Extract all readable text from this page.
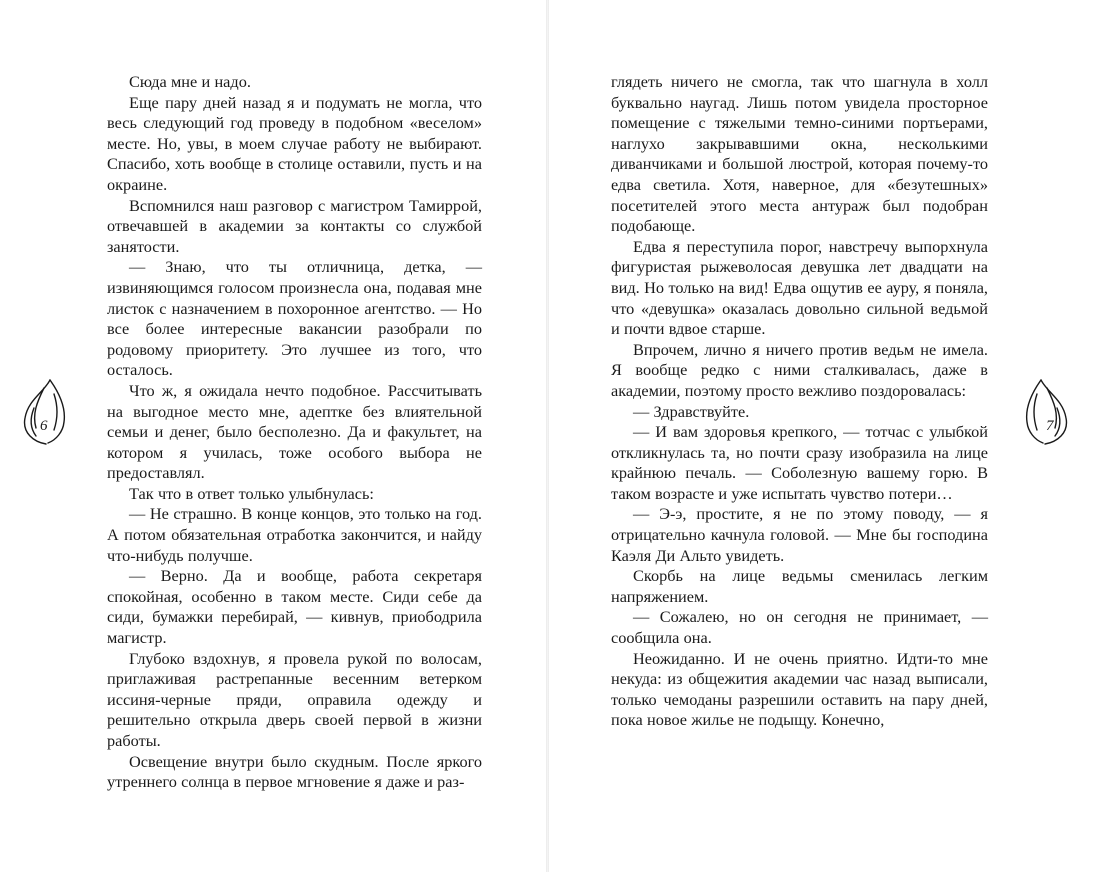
Сюда мне и надо.

Еще пару дней назад я и подумать не могла, что весь следующий год проведу в подобном «веселом» месте. Но, увы, в моем случае работу не выбирают. Спасибо, хоть вообще в столице оставили, пусть и на окраине.

Вспомнился наш разговор с магистром Тамиррой, отвечавшей в академии за контакты со службой занятости.

— Знаю, что ты отличница, детка, — извиняющимся голосом произнесла она, подавая мне листок с назначением в похоронное агентство. — Но все более интересные вакансии разобрали по родовому приоритету. Это лучшее из того, что осталось.

Что ж, я ожидала нечто подобное. Рассчитывать на выгодное место мне, адептке без влиятельной семьи и денег, было бесполезно. Да и факультет, на котором я училась, тоже особого выбора не предоставлял.

Так что в ответ только улыбнулась:

— Не страшно. В конце концов, это только на год. А потом обязательная отработка закончится, и найду что-нибудь получше.

— Верно. Да и вообще, работа секретаря спокойная, особенно в таком месте. Сиди себе да сиди, бумажки перебирай, — кивнув, приободрила магистр.

Глубоко вздохнув, я провела рукой по волосам, приглаживая растрепанные весенним ветерком иссиня-черные пряди, оправила одежду и решительно открыла дверь своей первой в жизни работы.

Освещение внутри было скудным. После яркого утреннего солнца в первое мгновение я даже и раз-

6

глядеть ничего не смогла, так что шагнула в холл буквально наугад. Лишь потом увидела просторное помещение с тяжелыми темно-синими портьерами, наглухо закрывавшими окна, несколькими диванчиками и большой люстрой, которая почему-то едва светила. Хотя, наверное, для «безутешных» посетителей этого места антураж был подобран подобающе.

Едва я переступила порог, навстречу выпорхнула фигуристая рыжеволосая девушка лет двадцати на вид. Но только на вид! Едва ощутив ее ауру, я поняла, что «девушка» оказалась довольно сильной ведьмой и почти вдвое старше.

Впрочем, лично я ничего против ведьм не имела. Я вообще редко с ними сталкивалась, даже в академии, поэтому просто вежливо поздоровалась:

— Здравствуйте.

— И вам здоровья крепкого, — тотчас с улыбкой откликнулась та, но почти сразу изобразила на лице крайнюю печаль. — Соболезную вашему горю. В таком возрасте и уже испытать чувство потери…

— Э-э, простите, я не по этому поводу, — я отрицательно качнула головой. — Мне бы господина Каэля Ди Альто увидеть.

Скорбь на лице ведьмы сменилась легким напряжением.

— Сожалею, но он сегодня не принимает, — сообщила она.

Неожиданно. И не очень приятно. Идти-то мне некуда: из общежития академии час назад выписали, только чемоданы разрешили оставить на пару дней, пока новое жилье не подыщу. Конечно,

7
